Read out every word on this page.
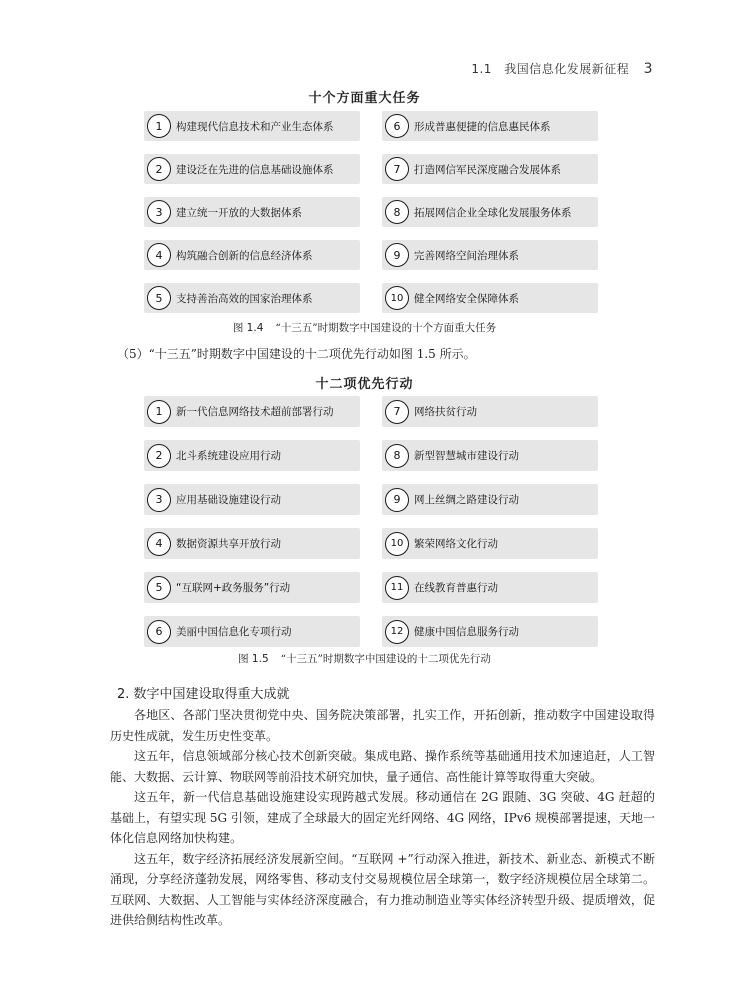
1.1 我国信息化发展新征程 3
十个方面重大任务
1	构建现代信息技术和产业生态体系	6	形成普惠便捷的信息惠民体系
2	建设泛在先进的信息基础设施体系	7	打造网信军民深度融合发展体系
3	建立统一开放的大数据体系	8	拓展网信企业全球化发展服务体系
4	构筑融合创新的信息经济体系	9	完善网络空间治理体系
5	支持善治高效的国家治理体系	10	健全网络安全保障体系
图 1.4 “十三五”时期数字中国建设的十个方面重大任务
（5）“十三五”时期数字中国建设的十二项优先行动如图 1.5 所示。
十二项优先行动
1	新一代信息网络技术超前部署行动	7	网络扶贫行动
2	北斗系统建设应用行动	8	新型智慧城市建设行动
3	应用基础设施建设行动	9	网上丝绸之路建设行动
4	数据资源共享开放行动	10	繁荣网络文化行动
5	“互联网+政务服务”行动	11	在线教育普惠行动
6	美丽中国信息化专项行动	12	健康中国信息服务行动
图 1.5 “十三五”时期数字中国建设的十二项优先行动
2. 数字中国建设取得重大成就

各地区、各部门坚决贯彻党中央、国务院决策部署，扎实工作，开拓创新，推动数字中国建设取得历史性成就，发生历史性变革。

这五年，信息领域部分核心技术创新突破。集成电路、操作系统等基础通用技术加速追赶，人工智能、大数据、云计算、物联网等前沿技术研究加快，量子通信、高性能计算等取得重大突破。

这五年，新一代信息基础设施建设实现跨越式发展。移动通信在 2G 跟随、3G 突破、4G 赶超的基础上，有望实现 5G 引领，建成了全球最大的固定光纤网络、4G 网络，IPv6 规模部署提速，天地一体化信息网络加快构建。

这五年，数字经济拓展经济发展新空间。“互联网 +”行动深入推进，新技术、新业态、新模式不断涌现，分享经济蓬勃发展，网络零售、移动支付交易规模位居全球第一，数字经济规模位居全球第二。互联网、大数据、人工智能与实体经济深度融合，有力推动制造业等实体经济转型升级、提质增效，促进供给侧结构性改革。
